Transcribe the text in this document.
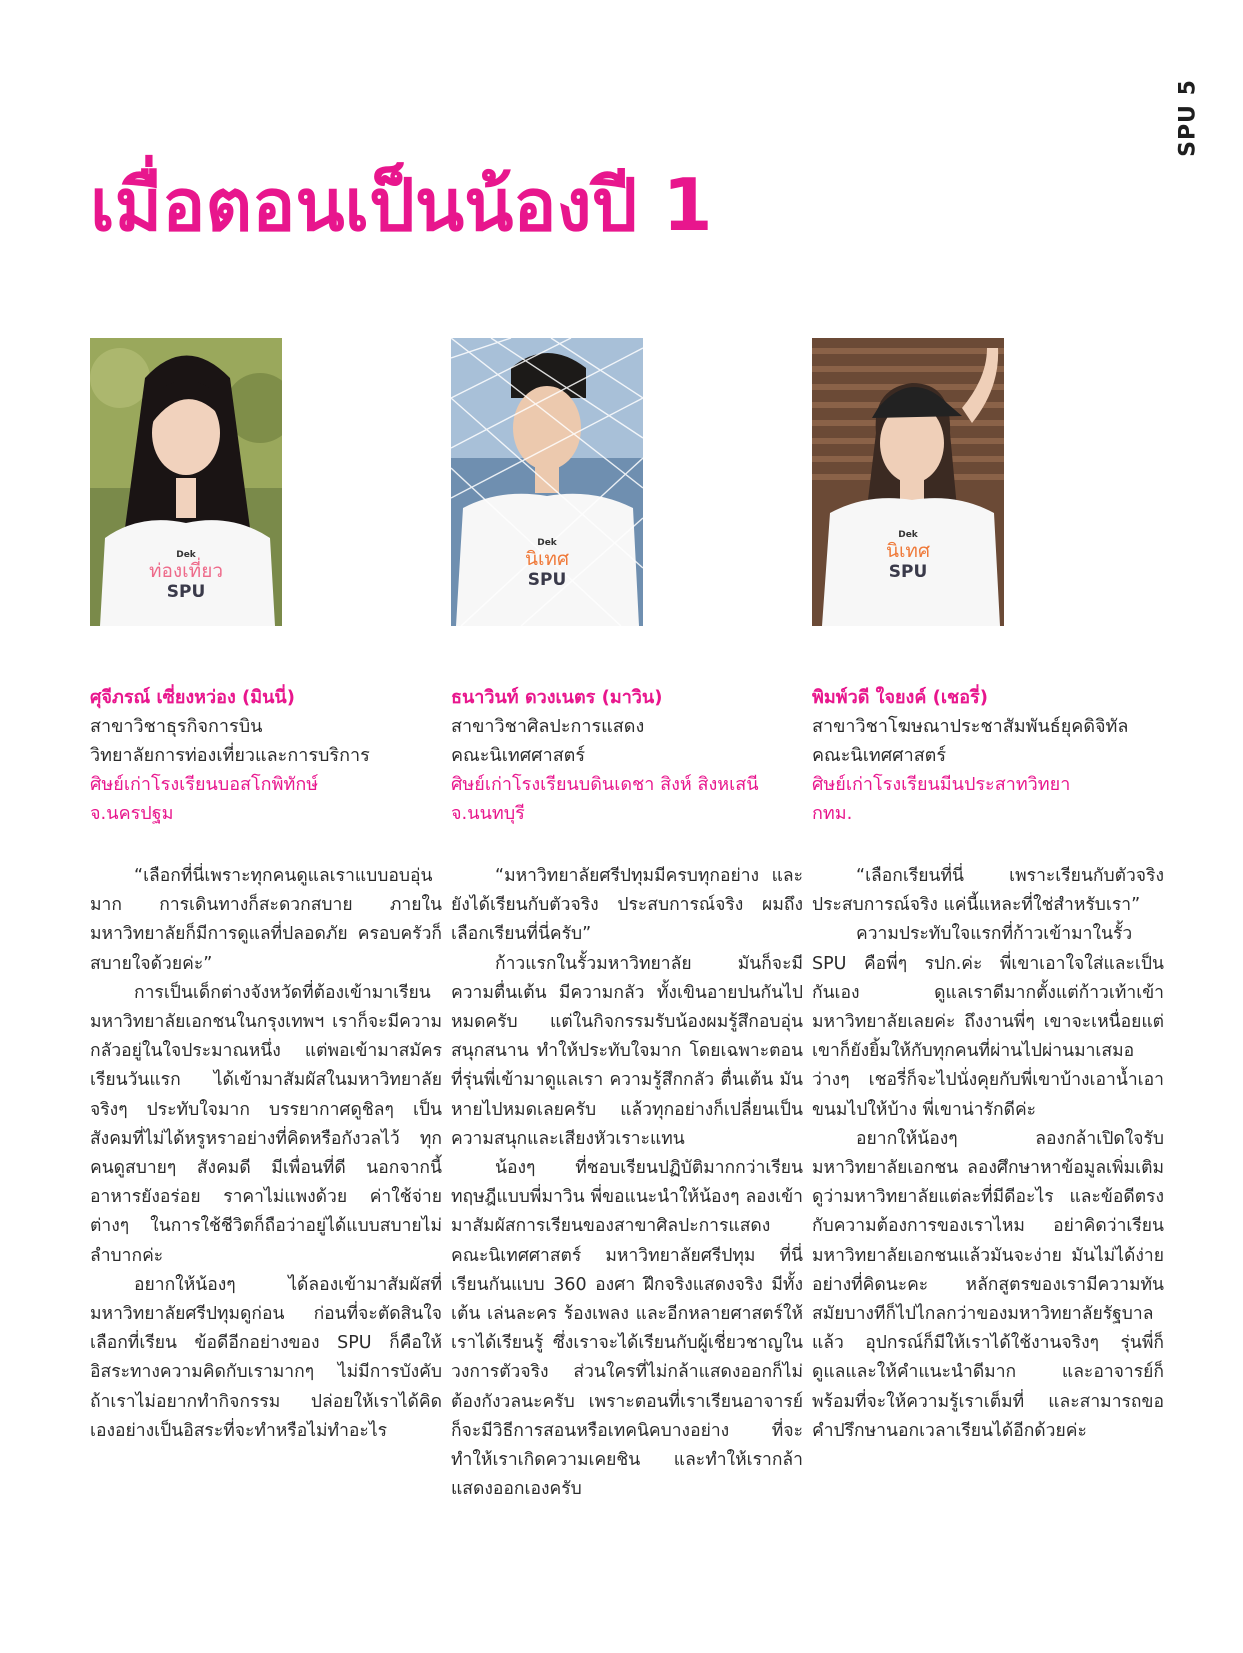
SPU 5
เมื่อตอนเป็นน้องปี 1
Dek
ท่องเที่ยว
SPU

ศุจีภรณ์ เซี่ยงหว่อง (มินนี่)

สาขาวิชาธุรกิจการบิน

วิทยาลัยการท่องเที่ยวและการบริการ

ศิษย์เก่าโรงเรียนบอสโกพิทักษ์

จ.นครปฐม

“เลือกที่นี่เพราะทุกคนดูแลเราแบบอบอุ่นมาก การเดินทางก็สะดวกสบาย ภายในมหาวิทยาลัยก็มีการดูแลที่ปลอดภัย ครอบครัวก็สบายใจด้วยค่ะ”

การเป็นเด็กต่างจังหวัดที่ต้องเข้ามาเรียนมหาวิทยาลัยเอกชนในกรุงเทพฯ เราก็จะมีความกลัวอยู่ในใจประมาณหนึ่ง แต่พอเข้ามาสมัครเรียนวันแรก ได้เข้ามาสัมผัสในมหาวิทยาลัยจริงๆ ประทับใจมาก บรรยากาศดูชิลๆ เป็นสังคมที่ไม่ได้หรูหราอย่างที่คิดหรือกังวลไว้ ทุกคนดูสบายๆ สังคมดี มีเพื่อนที่ดี นอกจากนี้อาหารยังอร่อย ราคาไม่แพงด้วย ค่าใช้จ่ายต่างๆ ในการใช้ชีวิตก็ถือว่าอยู่ได้แบบสบายไม่ลำบากค่ะ

อยากให้น้องๆ ได้ลองเข้ามาสัมผัสที่มหาวิทยาลัยศรีปทุมดูก่อน ก่อนที่จะตัดสินใจเลือกที่เรียน ข้อดีอีกอย่างของ SPU ก็คือให้อิสระทางความคิดกับเรามากๆ ไม่มีการบังคับถ้าเราไม่อยากทำกิจกรรม ปล่อยให้เราได้คิดเองอย่างเป็นอิสระที่จะทำหรือไม่ทำอะไร

Dek
นิเทศ
SPU

ธนาวินท์ ดวงเนตร (มาวิน)

สาขาวิชาศิลปะการแสดง

คณะนิเทศศาสตร์

ศิษย์เก่าโรงเรียนบดินเดชา สิงห์ สิงหเสนี

จ.นนทบุรี

“มหาวิทยาลัยศรีปทุมมีครบทุกอย่าง และยังได้เรียนกับตัวจริง ประสบการณ์จริง ผมถึงเลือกเรียนที่นี่ครับ”

ก้าวแรกในรั้วมหาวิทยาลัย มันก็จะมีความตื่นเต้น มีความกลัว ทั้งเขินอายปนกันไปหมดครับ แต่ในกิจกรรมรับน้องผมรู้สึกอบอุ่น สนุกสนาน ทำให้ประทับใจมาก โดยเฉพาะตอนที่รุ่นพี่เข้ามาดูแลเรา ความรู้สึกกลัว ตื่นเต้น มันหายไปหมดเลยครับ แล้วทุกอย่างก็เปลี่ยนเป็นความสนุกและเสียงหัวเราะแทน

น้องๆ ที่ชอบเรียนปฏิบัติมากกว่าเรียนทฤษฎีแบบพี่มาวิน พี่ขอแนะนำให้น้องๆ ลองเข้ามาสัมผัสการเรียนของสาขาศิลปะการแสดง คณะนิเทศศาสตร์ มหาวิทยาลัยศรีปทุม ที่นี่เรียนกันแบบ 360 องศา ฝึกจริงแสดงจริง มีทั้งเต้น เล่นละคร ร้องเพลง และอีกหลายศาสตร์ให้เราได้เรียนรู้ ซึ่งเราจะได้เรียนกับผู้เชี่ยวชาญในวงการตัวจริง ส่วนใครที่ไม่กล้าแสดงออกก็ไม่ต้องกังวลนะครับ เพราะตอนที่เราเรียนอาจารย์ก็จะมีวิธีการสอนหรือเทคนิคบางอย่าง ที่จะทำให้เราเกิดความเคยชิน และทำให้เรากล้าแสดงออกเองครับ

Dek
นิเทศ
SPU

พิมพ์วดี ใจยงค์ (เชอรี่)

สาขาวิชาโฆษณาประชาสัมพันธ์ยุคดิจิทัล

คณะนิเทศศาสตร์

ศิษย์เก่าโรงเรียนมีนประสาทวิทยา

กทม.

“เลือกเรียนที่นี่ เพราะเรียนกับตัวจริง ประสบการณ์จริง แค่นี้แหละที่ใช่สำหรับเรา”

ความประทับใจแรกที่ก้าวเข้ามาในรั้ว SPU คือพี่ๆ รปก.ค่ะ พี่เขาเอาใจใส่และเป็นกันเอง ดูแลเราดีมากตั้งแต่ก้าวเท้าเข้ามหาวิทยาลัยเลยค่ะ ถึงงานพี่ๆ เขาจะเหนื่อยแต่เขาก็ยังยิ้มให้กับทุกคนที่ผ่านไปผ่านมาเสมอ ว่างๆ เชอรี่ก็จะไปนั่งคุยกับพี่เขาบ้างเอาน้ำเอาขนมไปให้บ้าง พี่เขาน่ารักดีค่ะ

อยากให้น้องๆ ลองกล้าเปิดใจรับมหาวิทยาลัยเอกชน ลองศึกษาหาข้อมูลเพิ่มเติมดูว่ามหาวิทยาลัยแต่ละที่มีดีอะไร และข้อดีตรงกับความต้องการของเราไหม อย่าคิดว่าเรียนมหาวิทยาลัยเอกชนแล้วมันจะง่าย มันไม่ได้ง่ายอย่างที่คิดนะคะ หลักสูตรของเรามีความทันสมัยบางทีก็ไปไกลกว่าของมหาวิทยาลัยรัฐบาลแล้ว อุปกรณ์ก็มีให้เราได้ใช้งานจริงๆ รุ่นพี่ก็ดูแลและให้คำแนะนำดีมาก และอาจารย์ก็พร้อมที่จะให้ความรู้เราเต็มที่ และสามารถขอคำปรึกษานอกเวลาเรียนได้อีกด้วยค่ะ
